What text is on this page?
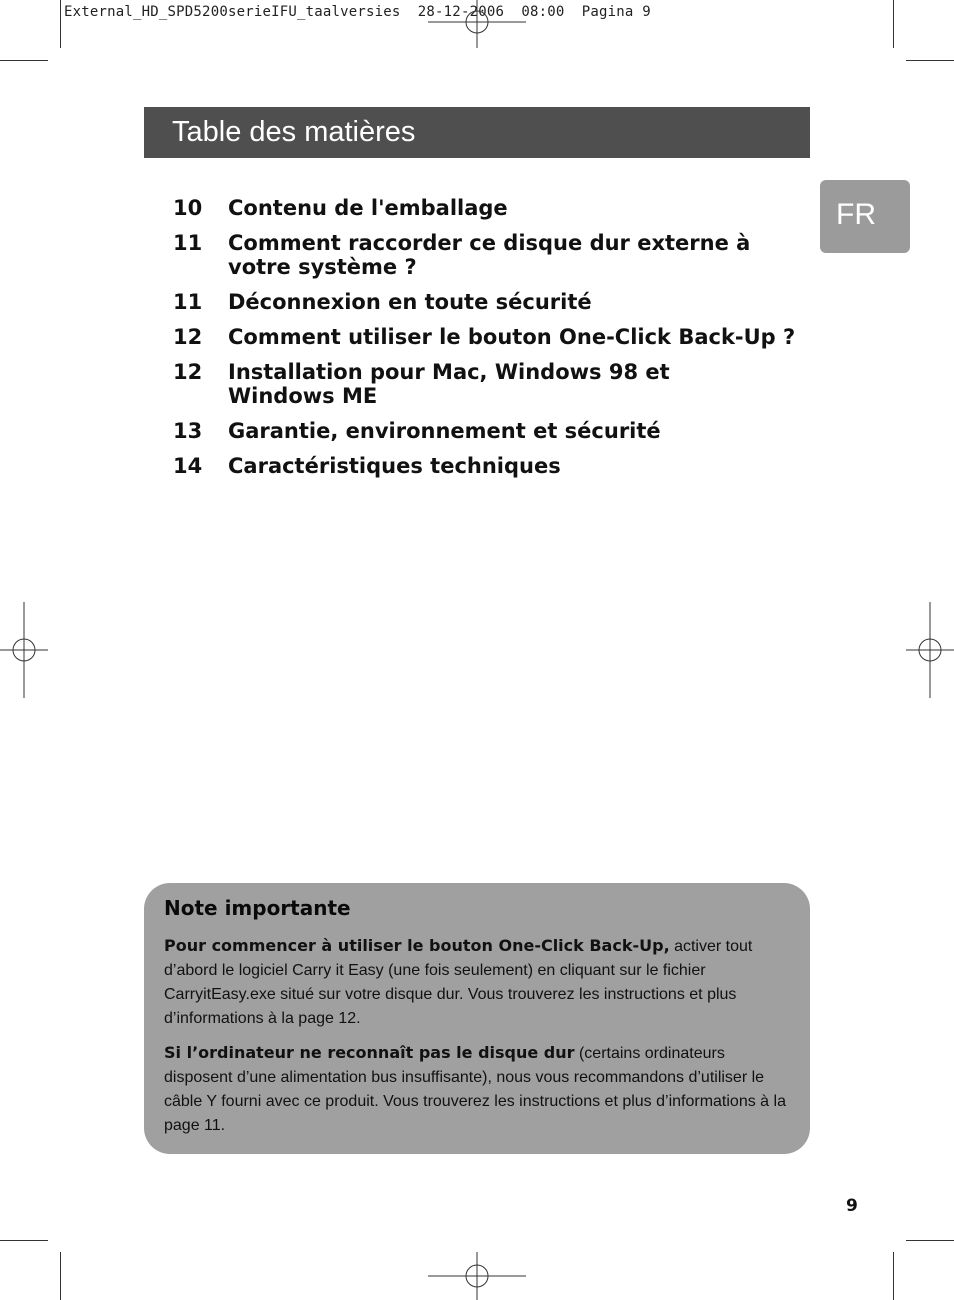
External_HD_SPD5200serieIFU_taalversies 28-12-2006 08:00 Pagina 9
Table des matières
FR
10	Contenu de l'emballage
11	Comment raccorder ce disque dur externe à votre système ?
11	Déconnexion en toute sécurité
12	Comment utiliser le bouton One-Click Back-Up ?
12	Installation pour Mac, Windows 98 et Windows ME
13	Garantie, environnement et sécurité
14	Caractéristiques techniques
Note importante
Pour commencer à utiliser le bouton One-Click Back-Up, activer tout d’abord le logiciel Carry it Easy (une fois seulement) en cliquant sur le fichier CarryitEasy.exe situé sur votre disque dur. Vous trouverez les instructions et plus d’informations à la page 12.
Si l’ordinateur ne reconnaît pas le disque dur (certains ordinateurs disposent d’une alimentation bus insuffisante), nous vous recommandons d’utiliser le câble Y fourni avec ce produit. Vous trouverez les instructions et plus d’informations à la page 11.
9
